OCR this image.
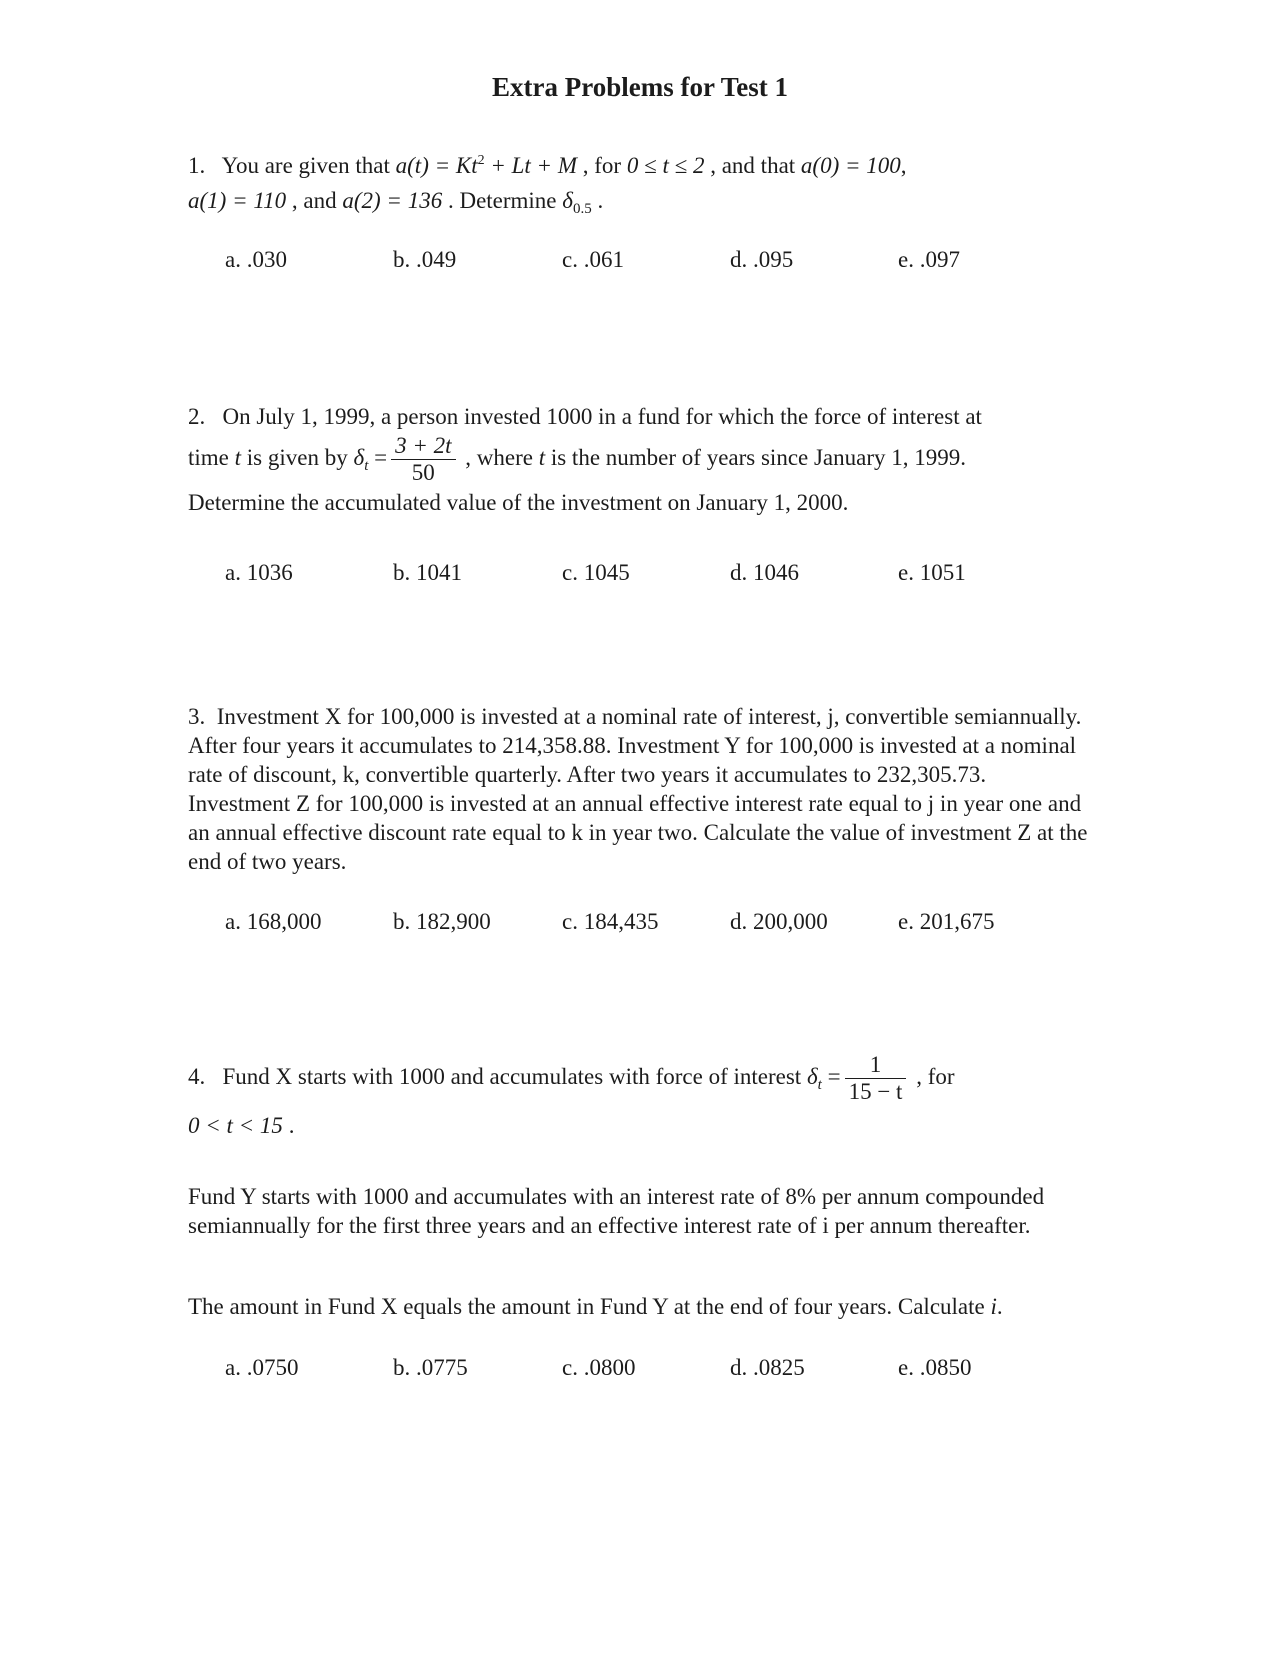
Extra Problems for Test 1
1. You are given that $a(t) = Kt^2 + Lt + M$ , for 0 ≤ t ≤ 2 , and that a(0) = 100,
a(1) = 110 , and a(2) = 136 . Determine $\delta_{0.5}$ .
a. .030	b. .049	c. .061	d. .095	e. .097
2. On July 1, 1999, a person invested 1000 in a fund for which the force of interest at
time t is given by $\delta_t = \frac{3 + 2t}{50}$ , where t is the number of years since January 1, 1999.
Determine the accumulated value of the investment on January 1, 2000.
a. 1036	b. 1041	c. 1045	d. 1046	e. 1051
3. Investment X for 100,000 is invested at a nominal rate of interest, j, convertible semiannually. After four years it accumulates to 214,358.88. Investment Y for 100,000 is invested at a nominal rate of discount, k, convertible quarterly. After two years it accumulates to 232,305.73. Investment Z for 100,000 is invested at an annual effective interest rate equal to j in year one and an annual effective discount rate equal to k in year two. Calculate the value of investment Z at the end of two years.
a. 168,000	b. 182,900	c. 184,435	d. 200,000	e. 201,675
4. Fund X starts with 1000 and accumulates with force of interest $\delta_t = \frac{1}{15 - t}$ , for
0 < t < 15 .
Fund Y starts with 1000 and accumulates with an interest rate of 8% per annum compounded semiannually for the first three years and an effective interest rate of i per annum thereafter.
The amount in Fund X equals the amount in Fund Y at the end of four years. Calculate i.
a. .0750	b. .0775	c. .0800	d. .0825	e. .0850
